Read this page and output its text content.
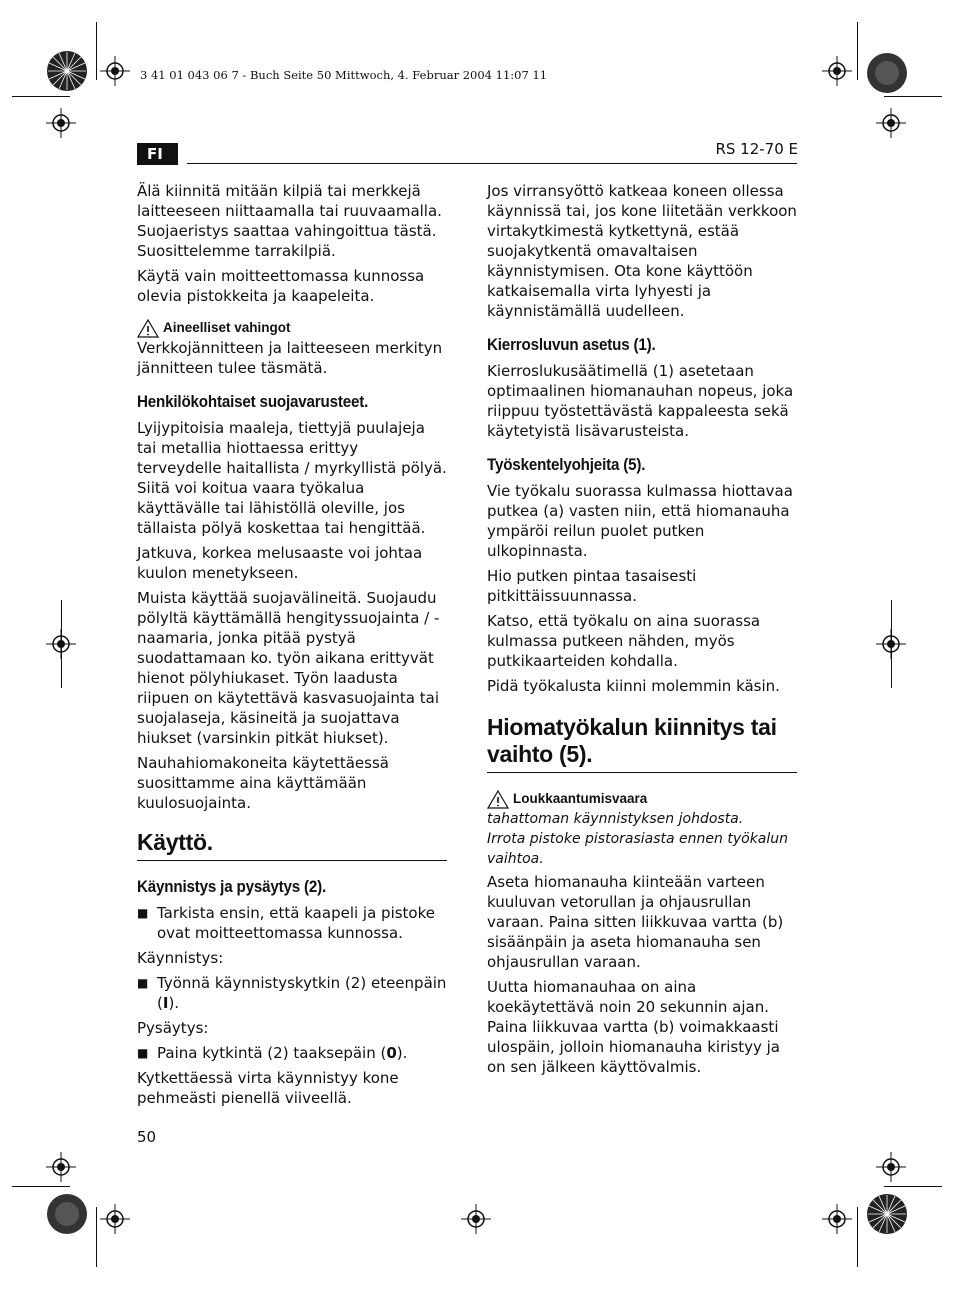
3 41 01 043 06 7 - Buch Seite 50 Mittwoch, 4. Februar 2004 11:07 11
FI	RS 12-70 E

Älä kiinnitä mitään kilpiä tai merkkejä laitteeseen niittaamalla tai ruuvaamalla. Suojaeristys saattaa vahingoittua tästä. Suosittelemme tarrakilpiä.

Käytä vain moitteettomassa kunnossa olevia pistokkeita ja kaapeleita.

Aineelliset vahingot

Verkkojännitteen ja laitteeseen merkityn jännitteen tulee täsmätä.

Henkilökohtaiset suojavarusteet.

Lyijypitoisia maaleja, tiettyjä puulajeja tai metallia hiottaessa erittyy terveydelle haitallista / myrkyllistä pölyä. Siitä voi koitua vaara työkalua käyttävälle tai lähistöllä oleville, jos tällaista pölyä koskettaa tai hengittää.

Jatkuva, korkea melusaaste voi johtaa kuulon menetykseen.

Muista käyttää suojavälineitä. Suojaudu pölyltä käyttämällä hengityssuojainta / -naamaria, jonka pitää pystyä suodattamaan ko. työn aikana erittyvät hienot pölyhiukaset. Työn laadusta riipuen on käytettävä kasvasuojainta tai suojalaseja, käsineitä ja suojattava hiukset (varsinkin pitkät hiukset).

Nauhahiomakoneita käytettäessä suosittamme aina käyttämään kuulosuojainta.

Käyttö.
Käynnistys ja pysäytys (2).
■ Tarkista ensin, että kaapeli ja pistoke ovat moitteettomassa kunnossa.

Käynnistys:

■ Työnnä käynnistyskytkin (2) eteenpäin (I).

Pysäytys:

■ Paina kytkintä (2) taaksepäin (0).

Kytkettäessä virta käynnistyy kone pehmeästi pienellä viiveellä.

Jos virransyöttö katkeaa koneen ollessa käynnissä tai, jos kone liitetään verkkoon virtakytkimestä kytkettynä, estää suojakytkentä omavaltaisen käynnistymisen. Ota kone käyttöön katkaisemalla virta lyhyesti ja käynnistämällä uudelleen.

Kierrosluvun asetus (1).

Kierroslukusäätimellä (1) asetetaan optimaalinen hiomanauhan nopeus, joka riippuu työstettävästä kappaleesta sekä käytetyistä lisävarusteista.

Työskentelyohjeita (5).

Vie työkalu suorassa kulmassa hiottavaa putkea (a) vasten niin, että hiomanauha ympäröi reilun puolet putken ulkopinnasta.

Hio putken pintaa tasaisesti pitkittäissuunnassa.

Katso, että työkalu on aina suorassa kulmassa putkeen nähden, myös putkikaarteiden kohdalla.

Pidä työkalusta kiinni molemmin käsin.

Hiomatyökalun kiinnitys tai vaihto (5).
Loukkaantumisvaara
tahattoman käynnistyksen johdosta.
Irrota pistoke pistorasiasta ennen työkalun vaihtoa.

Aseta hiomanauha kiinteään varteen kuuluvan vetorullan ja ohjausrullan varaan. Paina sitten liikkuvaa vartta (b) sisäänpäin ja aseta hiomanauha sen ohjausrullan varaan.

Uutta hiomanauhaa on aina koekäytettävä noin 20 sekunnin ajan. Paina liikkuvaa vartta (b) voimakkaasti ulospäin, jolloin hiomanauha kiristyy ja on sen jälkeen käyttövalmis.

50
